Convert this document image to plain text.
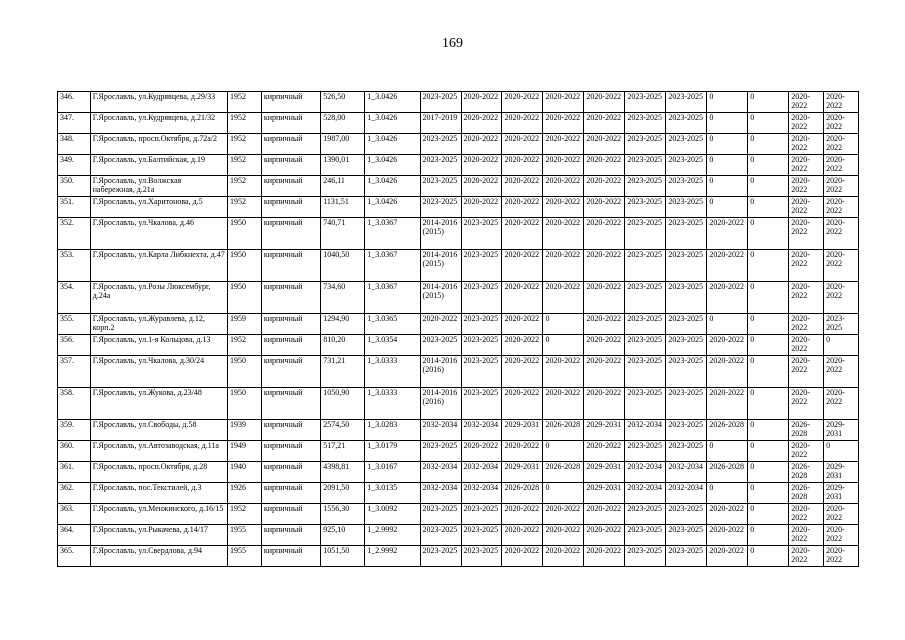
169
346.	Г.Ярославль, ул.Кудрявцева, д.29/33	1952	кирпичный	526,50	1_3.0426	2023-2025	2020-2022	2020-2022	2020-2022	2020-2022	2023-2025	2023-2025	0	0	2020-2022	2020-2022
347.	Г.Ярославль, ул.Кудрявцева, д.21/32	1952	кирпичный	528,00	1_3.0426	2017-2019	2020-2022	2020-2022	2020-2022	2020-2022	2023-2025	2023-2025	0	0	2020-2022	2020-2022
348.	Г.Ярославль, просп.Октября, д.72а/2	1952	кирпичный	1987,00	1_3.0426	2023-2025	2020-2022	2020-2022	2020-2022	2020-2022	2023-2025	2023-2025	0	0	2020-2022	2020-2022
349.	Г.Ярославль, ул.Балтийская, д.19	1952	кирпичный	1390,01	1_3.0426	2023-2025	2020-2022	2020-2022	2020-2022	2020-2022	2023-2025	2023-2025	0	0	2020-2022	2020-2022
350.	Г.Ярославль, ул.Волжская набережная, д.21а	1952	кирпичный	246,11	1_3.0426	2023-2025	2020-2022	2020-2022	2020-2022	2020-2022	2023-2025	2023-2025	0	0	2020-2022	2020-2022
351.	Г.Ярославль, ул.Харитонова, д.5	1952	кирпичный	1131,51	1_3.0426	2023-2025	2020-2022	2020-2022	2020-2022	2020-2022	2023-2025	2023-2025	0	0	2020-2022	2020-2022
352.	Г.Ярославль, ул.Чкалова, д.46	1950	кирпичный	740,71	1_3.0367	2014-2016 (2015)	2023-2025	2020-2022	2020-2022	2020-2022	2023-2025	2023-2025	2020-2022	0	2020-2022	2020-2022
353.	Г.Ярославль, ул.Карла Либкнехта, д.47	1950	кирпичный	1040,50	1_3.0367	2014-2016 (2015)	2023-2025	2020-2022	2020-2022	2020-2022	2023-2025	2023-2025	2020-2022	0	2020-2022	2020-2022
354.	Г.Ярославль, ул.Розы Люксембург, д.24а	1950	кирпичный	734,60	1_3.0367	2014-2016 (2015)	2023-2025	2020-2022	2020-2022	2020-2022	2023-2025	2023-2025	2020-2022	0	2020-2022	2020-2022
355.	Г.Ярославль, ул.Журавлева, д.12, корп.2	1959	кирпичный	1294,90	1_3.0365	2020-2022	2023-2025	2020-2022	0	2020-2022	2023-2025	2023-2025	0	0	2020-2022	2023-2025
356.	Г.Ярославль, ул.1-я Кольцова, д.13	1952	кирпичный	810,20	1_3.0354	2023-2025	2023-2025	2020-2022	0	2020-2022	2023-2025	2023-2025	2020-2022	0	2020-2022	0
357.	Г.Ярославль, ул.Чкалова, д.30/24	1950	кирпичный	731,21	1_3.0333	2014-2016 (2016)	2023-2025	2020-2022	2020-2022	2020-2022	2023-2025	2023-2025	2020-2022	0	2020-2022	2020-2022
358.	Г.Ярославль, ул.Жукова, д.23/48	1950	кирпичный	1050,90	1_3.0333	2014-2016 (2016)	2023-2025	2020-2022	2020-2022	2020-2022	2023-2025	2023-2025	2020-2022	0	2020-2022	2020-2022
359.	Г.Ярославль, ул.Свободы, д.58	1939	кирпичный	2574,50	1_3.0283	2032-2034	2032-2034	2029-2031	2026-2028	2029-2031	2032-2034	2023-2025	2026-2028	0	2026-2028	2029-2031
360.	Г.Ярославль, ул.Автозаводская, д.11а	1949	кирпичный	517,21	1_3.0179	2023-2025	2020-2022	2020-2022	0	2020-2022	2023-2025	2023-2025	0	0	2020-2022	0
361.	Г.Ярославль, просп.Октября, д.28	1940	кирпичный	4398,81	1_3.0167	2032-2034	2032-2034	2029-2031	2026-2028	2029-2031	2032-2034	2032-2034	2026-2028	0	2026-2028	2029-2031
362.	Г.Ярославль, пос.Текстилей, д.3	1926	кирпичный	2091,50	1_3.0135	2032-2034	2032-2034	2026-2028	0	2029-2031	2032-2034	2032-2034	0	0	2026-2028	2029-2031
363.	Г.Ярославль, ул.Менжинского, д.16/15	1952	кирпичный	1556,30	1_3.0092	2023-2025	2023-2025	2020-2022	2020-2022	2020-2022	2023-2025	2023-2025	2020-2022	0	2020-2022	2020-2022
364.	Г.Ярославль, ул.Рыкачева, д.14/17	1955	кирпичный	925,10	1_2.9992	2023-2025	2023-2025	2020-2022	2020-2022	2020-2022	2023-2025	2023-2025	2020-2022	0	2020-2022	2020-2022
365.	Г.Ярославль, ул.Свердлова, д.94	1955	кирпичный	1051,50	1_2.9992	2023-2025	2023-2025	2020-2022	2020-2022	2020-2022	2023-2025	2023-2025	2020-2022	0	2020-2022	2020-2022
